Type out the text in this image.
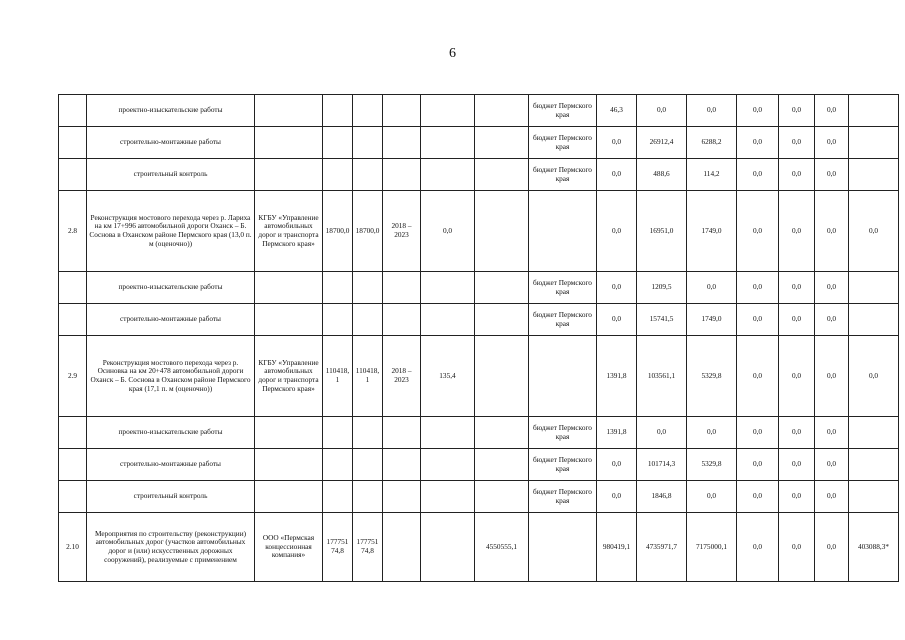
6
	проектно-изыскательские работы							бюджет Пермского края	46,3	0,0	0,0	0,0	0,0	0,0	
	строительно-монтажные работы							бюджет Пермского края	0,0	26912,4	6288,2	0,0	0,0	0,0	
	строительный контроль							бюджет Пермского края	0,0	488,6	114,2	0,0	0,0	0,0	
2.8	Реконструкция мостового перехода через р. Лариха на км 17+996 автомобильной дороги Оханск – Б. Соснова в Оханском районе Пермского края (13,0 п. м (оценочно))	КГБУ «Управление автомобильных дорог и транспорта Пермского края»	18700,0	18700,0	2018 – 2023	0,0			0,0	16951,0	1749,0	0,0	0,0	0,0	0,0
	проектно-изыскательские работы							бюджет Пермского края	0,0	1209,5	0,0	0,0	0,0	0,0	
	строительно-монтажные работы							бюджет Пермского края	0,0	15741,5	1749,0	0,0	0,0	0,0	
2.9	Реконструкция мостового перехода через р. Осиновка на км 20+478 автомобильной дороги Оханск – Б. Соснова в Оханском районе Пермского края (17,1 п. м (оценочно))	КГБУ «Управление автомобильных дорог и транспорта Пермского края»	110418,1	110418,1	2018 – 2023	135,4			1391,8	103561,1	5329,8	0,0	0,0	0,0	0,0
	проектно-изыскательские работы							бюджет Пермского края	1391,8	0,0	0,0	0,0	0,0	0,0	
	строительно-монтажные работы							бюджет Пермского края	0,0	101714,3	5329,8	0,0	0,0	0,0	
	строительный контроль							бюджет Пермского края	0,0	1846,8	0,0	0,0	0,0	0,0	
2.10	Мероприятия по строительству (реконструкции) автомобильных дорог (участков автомобильных дорог и (или) искусственных дорожных сооружений), реализуемые с применением	ООО «Пермская концессионная компания»	17775174,8	17775174,8			4550555,1		980419,1	4735971,7	7175000,1	0,0	0,0	0,0	403088,3*
